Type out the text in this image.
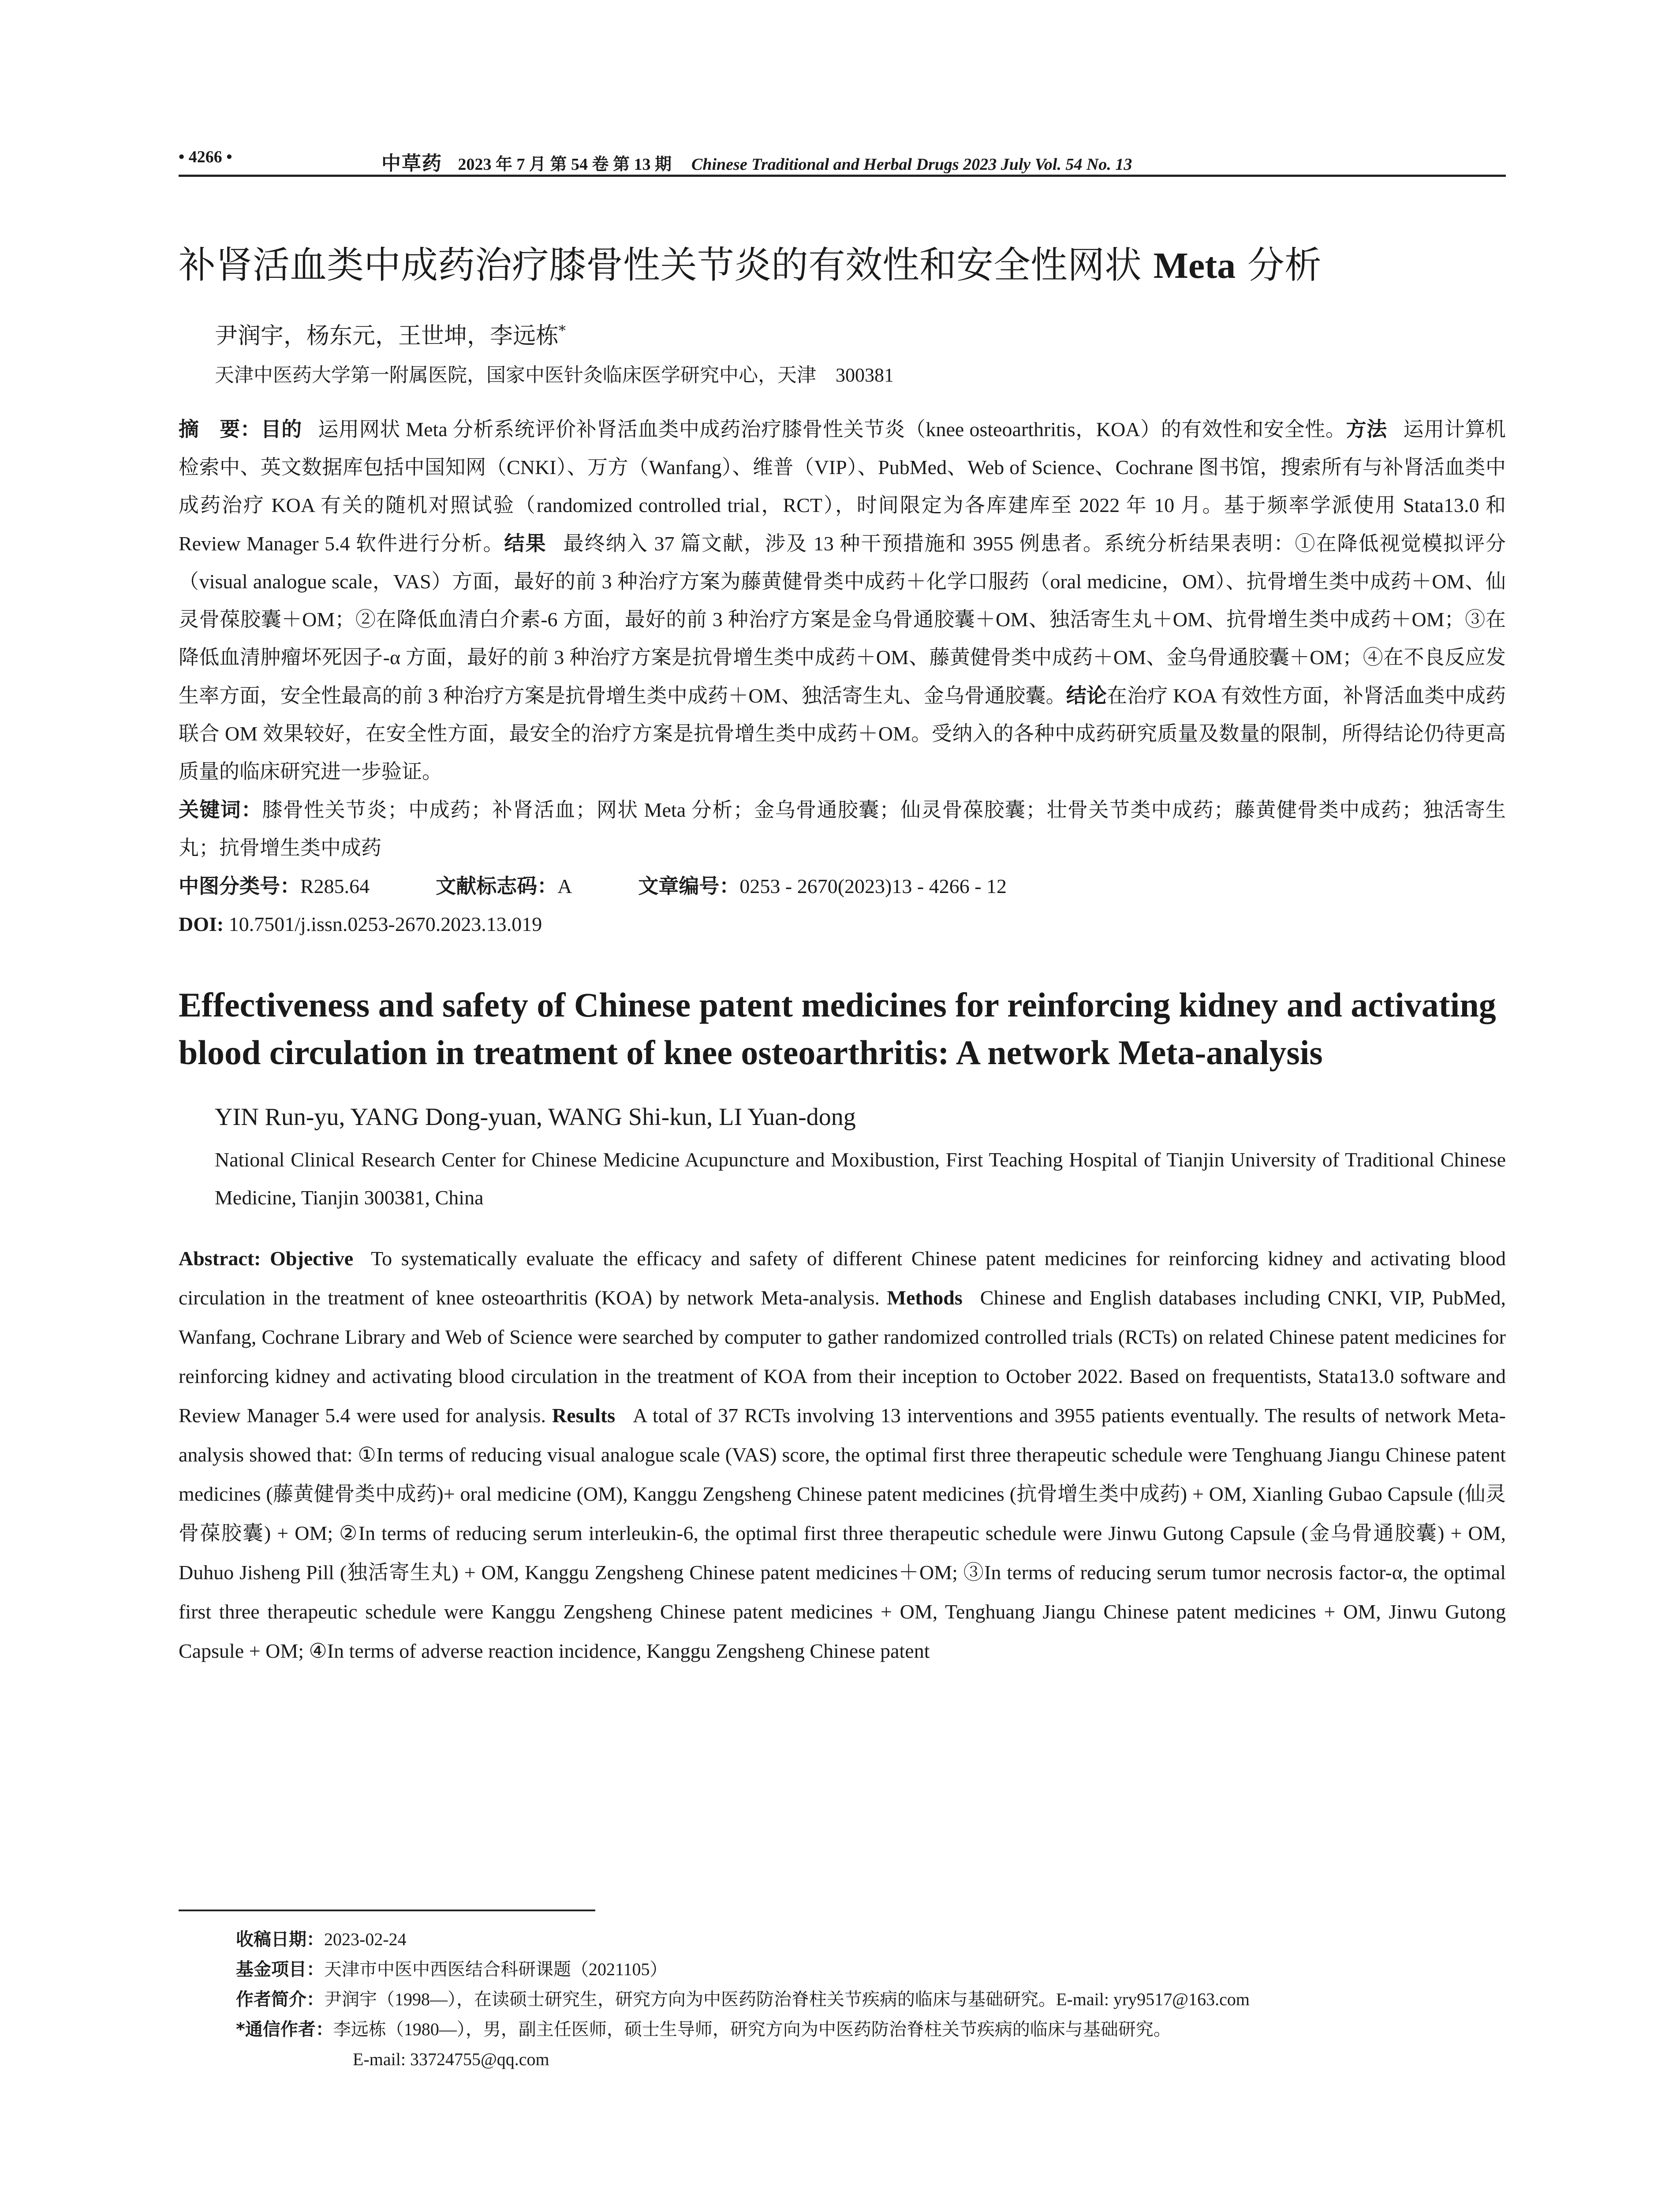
• 4266 •	中草药 2023 年 7 月 第 54 卷 第 13 期 Chinese Traditional and Herbal Drugs 2023 July Vol. 54 No. 13
补肾活血类中成药治疗膝骨性关节炎的有效性和安全性网状 Meta 分析
尹润宇，杨东元，王世坤，李远栋*
天津中医药大学第一附属医院，国家中医针灸临床医学研究中心，天津　300381
摘　要：目的 运用网状 Meta 分析系统评价补肾活血类中成药治疗膝骨性关节炎（knee osteoarthritis，KOA）的有效性和安全性。方法 运用计算机检索中、英文数据库包括中国知网（CNKI）、万方（Wanfang）、维普（VIP）、PubMed、Web of Science、Cochrane 图书馆，搜索所有与补肾活血类中成药治疗 KOA 有关的随机对照试验（randomized controlled trial，RCT），时间限定为各库建库至 2022 年 10 月。基于频率学派使用 Stata13.0 和 Review Manager 5.4 软件进行分析。结果 最终纳入 37 篇文献，涉及 13 种干预措施和 3955 例患者。系统分析结果表明：①在降低视觉模拟评分（visual analogue scale，VAS）方面，最好的前 3 种治疗方案为藤黄健骨类中成药＋化学口服药（oral medicine，OM）、抗骨增生类中成药＋OM、仙灵骨葆胶囊＋OM；②在降低血清白介素-6 方面，最好的前 3 种治疗方案是金乌骨通胶囊＋OM、独活寄生丸＋OM、抗骨增生类中成药＋OM；③在降低血清肿瘤坏死因子-α 方面，最好的前 3 种治疗方案是抗骨增生类中成药＋OM、藤黄健骨类中成药＋OM、金乌骨通胶囊＋OM；④在不良反应发生率方面，安全性最高的前 3 种治疗方案是抗骨增生类中成药＋OM、独活寄生丸、金乌骨通胶囊。结论在治疗 KOA 有效性方面，补肾活血类中成药联合 OM 效果较好，在安全性方面，最安全的治疗方案是抗骨增生类中成药＋OM。受纳入的各种中成药研究质量及数量的限制，所得结论仍待更高质量的临床研究进一步验证。
关键词：膝骨性关节炎；中成药；补肾活血；网状 Meta 分析；金乌骨通胶囊；仙灵骨葆胶囊；壮骨关节类中成药；藤黄健骨类中成药；独活寄生丸；抗骨增生类中成药
中图分类号：R285.64	文献标志码：A	文章编号：0253 - 2670(2023)13 - 4266 - 12
DOI: 10.7501/j.issn.0253-2670.2023.13.019
Effectiveness and safety of Chinese patent medicines for reinforcing kidney and activating blood circulation in treatment of knee osteoarthritis: A network Meta-analysis
YIN Run-yu, YANG Dong-yuan, WANG Shi-kun, LI Yuan-dong
National Clinical Research Center for Chinese Medicine Acupuncture and Moxibustion, First Teaching Hospital of Tianjin University of Traditional Chinese Medicine, Tianjin 300381, China
Abstract: Objective To systematically evaluate the efficacy and safety of different Chinese patent medicines for reinforcing kidney and activating blood circulation in the treatment of knee osteoarthritis (KOA) by network Meta-analysis. Methods Chinese and English databases including CNKI, VIP, PubMed, Wanfang, Cochrane Library and Web of Science were searched by computer to gather randomized controlled trials (RCTs) on related Chinese patent medicines for reinforcing kidney and activating blood circulation in the treatment of KOA from their inception to October 2022. Based on frequentists, Stata13.0 software and Review Manager 5.4 were used for analysis. Results A total of 37 RCTs involving 13 interventions and 3955 patients eventually. The results of network Meta-analysis showed that: ①In terms of reducing visual analogue scale (VAS) score, the optimal first three therapeutic schedule were Tenghuang Jiangu Chinese patent medicines (藤黄健骨类中成药)+ oral medicine (OM), Kanggu Zengsheng Chinese patent medicines (抗骨增生类中成药) + OM, Xianling Gubao Capsule (仙灵骨葆胶囊) + OM; ②In terms of reducing serum interleukin-6, the optimal first three therapeutic schedule were Jinwu Gutong Capsule (金乌骨通胶囊) + OM, Duhuo Jisheng Pill (独活寄生丸) + OM, Kanggu Zengsheng Chinese patent medicines＋OM; ③In terms of reducing serum tumor necrosis factor-α, the optimal first three therapeutic schedule were Kanggu Zengsheng Chinese patent medicines + OM, Tenghuang Jiangu Chinese patent medicines + OM, Jinwu Gutong Capsule + OM; ④In terms of adverse reaction incidence, Kanggu Zengsheng Chinese patent
收稿日期：2023-02-24
基金项目：天津市中医中西医结合科研课题（2021105）
作者简介：尹润宇（1998—），在读硕士研究生，研究方向为中医药防治脊柱关节疾病的临床与基础研究。E-mail: yry9517@163.com
*通信作者：李远栋（1980—），男，副主任医师，硕士生导师，研究方向为中医药防治脊柱关节疾病的临床与基础研究。
E-mail: 33724755@qq.com
